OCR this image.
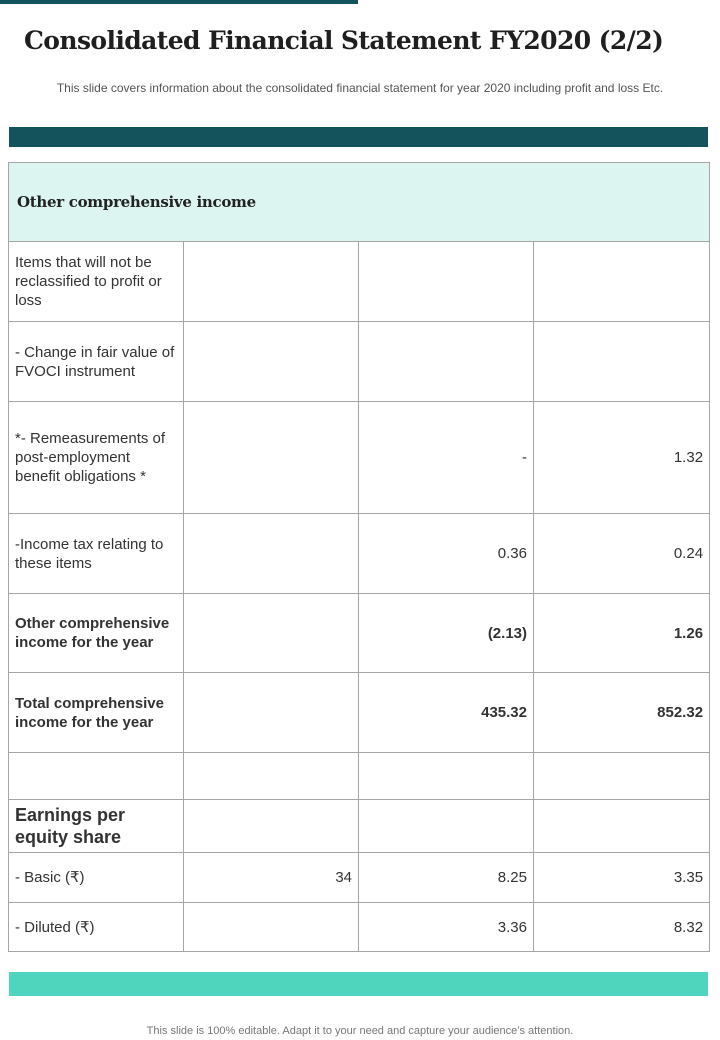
Consolidated Financial Statement FY2020 (2/2)
This slide covers information about the consolidated financial statement for year 2020 including profit and loss Etc.
Other comprehensive income			
Items that will not be reclassified to profit or loss			
- Change in fair value of FVOCI instrument			
*- Remeasurements of post-employment benefit obligations *		-	1.32
-Income tax relating to these items		0.36	0.24
Other comprehensive income for the year		(2.13)	1.26
Total comprehensive income for the year		435.32	852.32

Earnings per equity share			
- Basic (₹)	34	8.25	3.35
- Diluted (₹)		3.36	8.32
This slide is 100% editable. Adapt it to your need and capture your audience’s attention.
